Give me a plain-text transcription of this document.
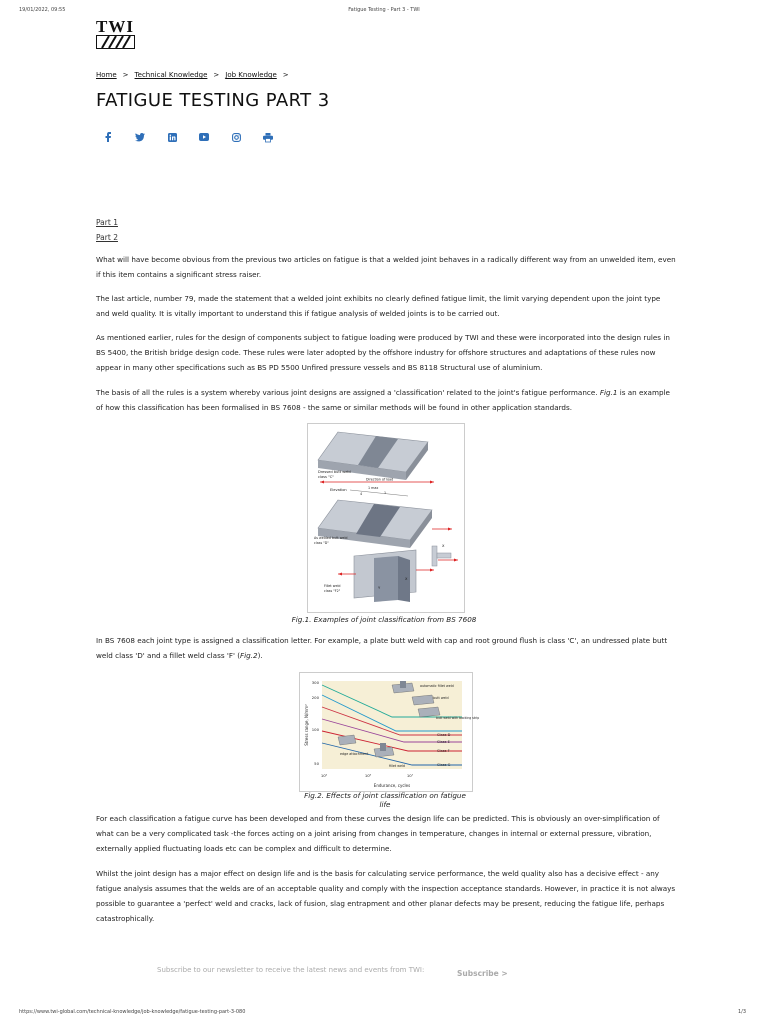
19/01/2022, 09:55	Fatigue Testing - Part 3 - TWI
TWI
Home > Technical Knowledge > Job Knowledge >
FATIGUE TESTING PART 3
Part 1
Part 2

What will have become obvious from the previous two articles on fatigue is that a welded joint behaves in a radically different way from an unwelded item, even if this item contains a significant stress raiser.

The last article, number 79, made the statement that a welded joint exhibits no clearly defined fatigue limit, the limit varying dependent upon the joint type and weld quality. It is vitally important to understand this if fatigue analysis of welded joints is to be carried out.

As mentioned earlier, rules for the design of components subject to fatigue loading were produced by TWI and these were incorporated into the design rules in BS 5400, the British bridge design code. These rules were later adopted by the offshore industry for offshore structures and adaptations of these rules now appear in many other specifications such as BS PD 5500 Unfired pressure vessels and BS 8118 Structural use of aluminium.

The basis of all the rules is a system whereby various joint designs are assigned a 'classification' related to the joint's fatigue performance. Fig.1 is an example of how this classification has been formalised in BS 7608 - the same or similar methods will be found in other application standards.

Dressed butt weld
class "C"
Direction of load
Elevation	1 max
4	1
As welded butt weld
class "D"
X
Y
Fillet weld
class "F2"
X
Fig.1. Examples of joint classification from BS 7608

In BS 7608 each joint type is assigned a classification letter. For example, a plate butt weld with cap and root ground flush is class 'C', an undressed plate butt weld class 'D' and a fillet weld class 'F' (Fig.2).

Stress range, N/mm²
Endurance, cycles
300
200
100
50
10⁵	10⁶	10⁷
Class D
Class E
Class F
Class G
automatic fillet weld
butt weld
butt weld with backing strip
edge attachment
fillet weld
Fig.2. Effects of joint classification on fatigue life

For each classification a fatigue curve has been developed and from these curves the design life can be predicted. This is obviously an over-simplification of what can be a very complicated task -the forces acting on a joint arising from changes in temperature, changes in internal or external pressure, vibration, externally applied fluctuating loads etc can be complex and difficult to determine.

Whilst the joint design has a major effect on design life and is the basis for calculating service performance, the weld quality also has a decisive effect - any fatigue analysis assumes that the welds are of an acceptable quality and comply with the inspection acceptance standards. However, in practice it is not always possible to guarantee a 'perfect' weld and cracks, lack of fusion, slag entrapment and other planar defects may be present, reducing the fatigue life, perhaps catastrophically.

Subscribe to our newsletter to receive the latest news and events from TWI:	Subscribe >
https://www.twi-global.com/technical-knowledge/job-knowledge/fatigue-testing-part-3-080	1/3
